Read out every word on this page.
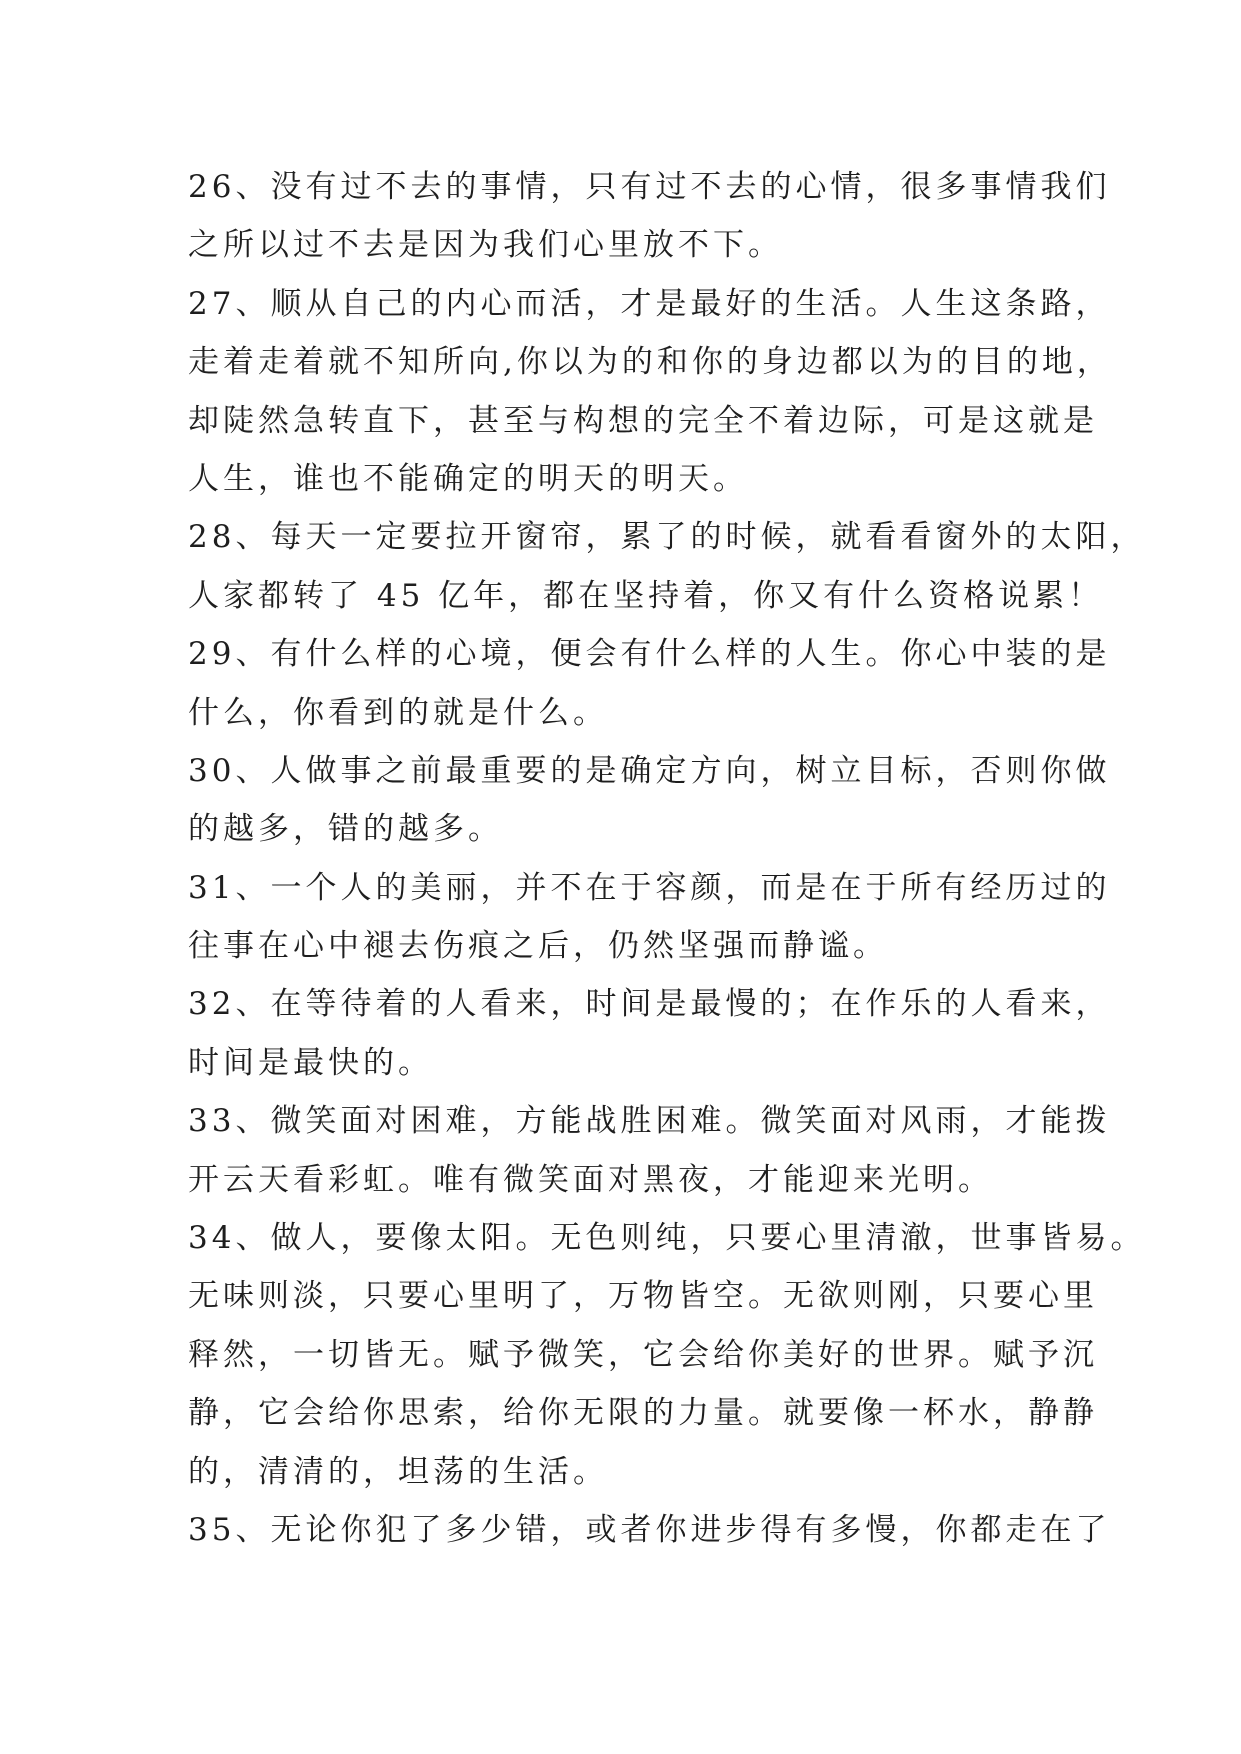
26、没有过不去的事情，只有过不去的心情，很多事情我们
之所以过不去是因为我们心里放不下。
27、顺从自己的内心而活，才是最好的生活。人生这条路，
走着走着就不知所向,你以为的和你的身边都以为的目的地，
却陡然急转直下，甚至与构想的完全不着边际，可是这就是
人生，谁也不能确定的明天的明天。
28、每天一定要拉开窗帘，累了的时候，就看看窗外的太阳，
人家都转了 45 亿年，都在坚持着，你又有什么资格说累！
29、有什么样的心境，便会有什么样的人生。你心中装的是
什么，你看到的就是什么。
30、人做事之前最重要的是确定方向，树立目标，否则你做
的越多，错的越多。
31、一个人的美丽，并不在于容颜，而是在于所有经历过的
往事在心中褪去伤痕之后，仍然坚强而静谧。
32、在等待着的人看来，时间是最慢的；在作乐的人看来，
时间是最快的。
33、微笑面对困难，方能战胜困难。微笑面对风雨，才能拨
开云天看彩虹。唯有微笑面对黑夜，才能迎来光明。
34、做人，要像太阳。无色则纯，只要心里清澈，世事皆易。
无味则淡，只要心里明了，万物皆空。无欲则刚，只要心里
释然，一切皆无。赋予微笑，它会给你美好的世界。赋予沉
静，它会给你思索，给你无限的力量。就要像一杯水，静静
的，清清的，坦荡的生活。
35、无论你犯了多少错，或者你进步得有多慢，你都走在了
